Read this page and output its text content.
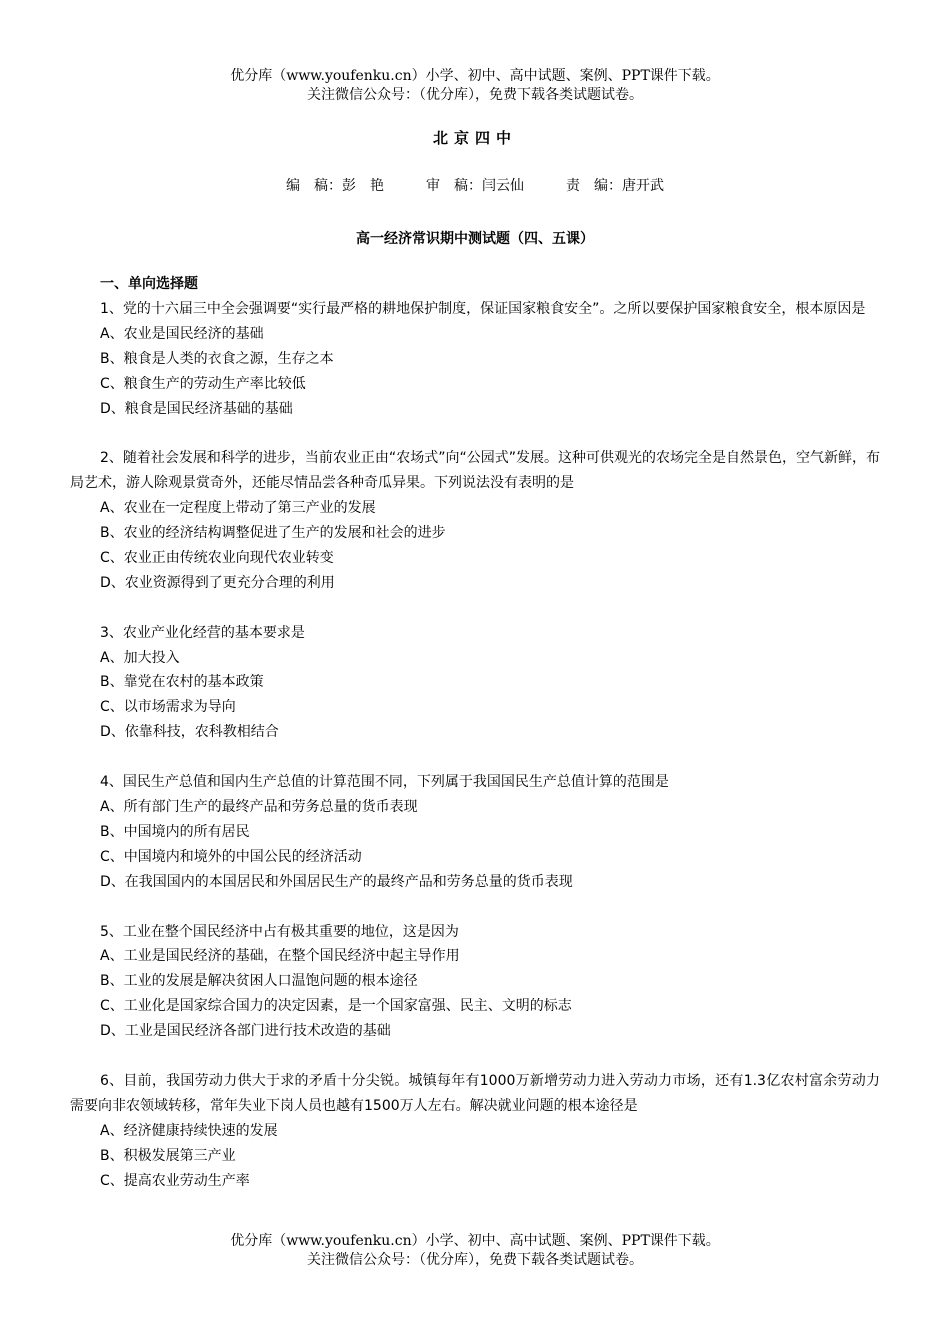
优分库（www.youfenku.cn）小学、初中、高中试题、案例、PPT课件下载。
关注微信公众号：（优分库），免费下载各类试题试卷。
北京四中
编　稿：彭　艳　　　审　稿：闫云仙　　　责　编：唐开武
高一经济常识期中测试题（四、五课）
一、单向选择题
1、党的十六届三中全会强调要“实行最严格的耕地保护制度，保证国家粮食安全”。之所以要保护国家粮食安全，根本原因是
A、农业是国民经济的基础
B、粮食是人类的衣食之源，生存之本
C、粮食生产的劳动生产率比较低
D、粮食是国民经济基础的基础
2、随着社会发展和科学的进步，当前农业正由“农场式”向“公园式”发展。这种可供观光的农场完全是自然景色，空气新鲜，布局艺术，游人除观景赏奇外，还能尽情品尝各种奇瓜异果。下列说法没有表明的是
A、农业在一定程度上带动了第三产业的发展
B、农业的经济结构调整促进了生产的发展和社会的进步
C、农业正由传统农业向现代农业转变
D、农业资源得到了更充分合理的利用
3、农业产业化经营的基本要求是
A、加大投入
B、靠党在农村的基本政策
C、以市场需求为导向
D、依靠科技，农科教相结合
4、国民生产总值和国内生产总值的计算范围不同，下列属于我国国民生产总值计算的范围是
A、所有部门生产的最终产品和劳务总量的货币表现
B、中国境内的所有居民
C、中国境内和境外的中国公民的经济活动
D、在我国国内的本国居民和外国居民生产的最终产品和劳务总量的货币表现
5、工业在整个国民经济中占有极其重要的地位，这是因为
A、工业是国民经济的基础，在整个国民经济中起主导作用
B、工业的发展是解决贫困人口温饱问题的根本途径
C、工业化是国家综合国力的决定因素，是一个国家富强、民主、文明的标志
D、工业是国民经济各部门进行技术改造的基础
6、目前，我国劳动力供大于求的矛盾十分尖锐。城镇每年有1000万新增劳动力进入劳动力市场，还有1.3亿农村富余劳动力需要向非农领域转移，常年失业下岗人员也越有1500万人左右。解决就业问题的根本途径是
A、经济健康持续快速的发展
B、积极发展第三产业
C、提高农业劳动生产率
优分库（www.youfenku.cn）小学、初中、高中试题、案例、PPT课件下载。
关注微信公众号：（优分库），免费下载各类试题试卷。
